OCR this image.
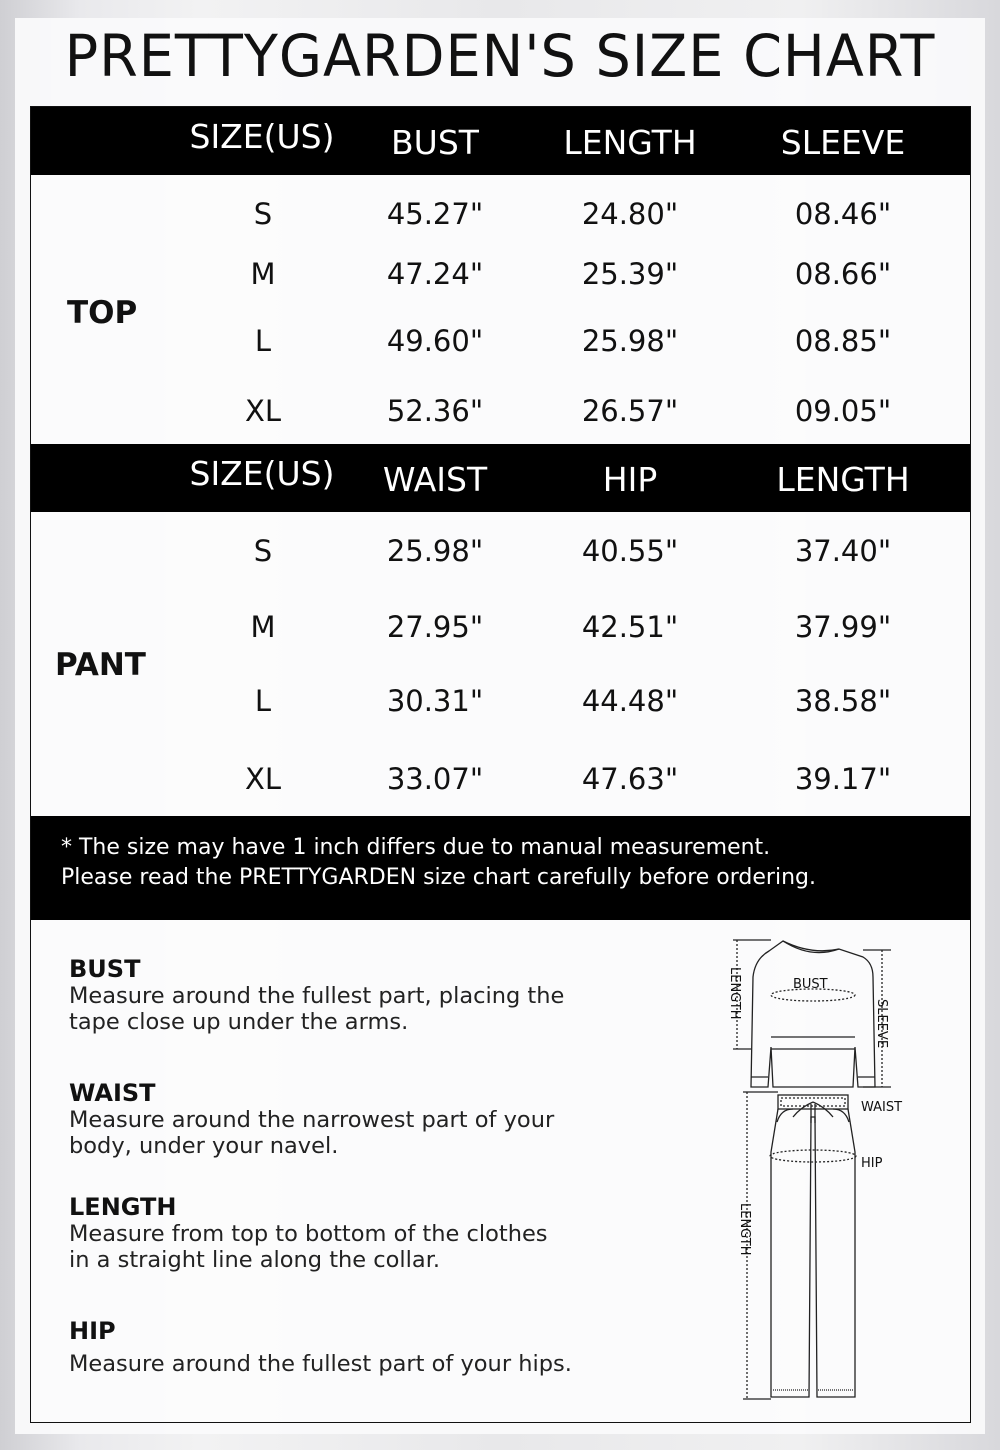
PRETTYGARDEN'S SIZE CHART
SIZE(US) BUST	LENGTH	SLEEVE
TOP
S	45.27"	24.80"	08.46"
M	47.24"	25.39"	08.66"
L	49.60"	25.98"	08.85"
XL	52.36"	26.57"	09.05"
SIZE(US) WAIST	HIP	LENGTH
PANT
S	25.98"	40.55"	37.40"
M	27.95"	42.51"	37.99"
L	30.31"	44.48"	38.58"
XL	33.07"	47.63"	39.17"
* The size may have 1 inch differs due to manual measurement.
Please read the PRETTYGARDEN size chart carefully before ordering.
BUST

Measure around the fullest part, placing the

tape close up under the arms.

WAIST

Measure around the narrowest part of your

body, under your navel.

LENGTH

Measure from top to bottom of the clothes

in a straight line along the collar.

HIP

Measure around the fullest part of your hips.

BUST
WAIST
HIP
LENGTH
SLEEVE
LENGTH
